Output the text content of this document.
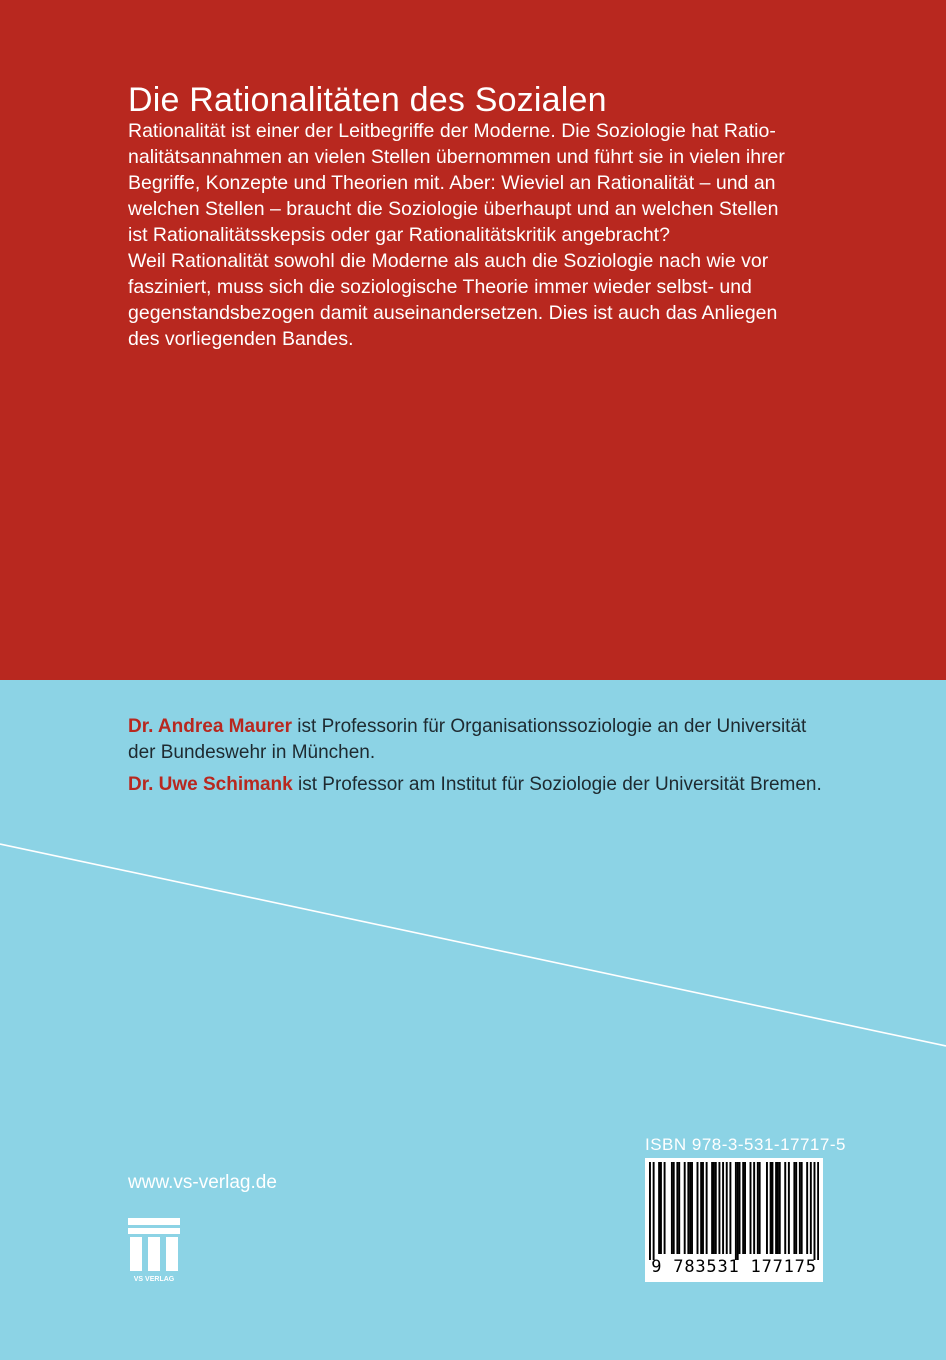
Die Rationalitäten des Sozialen

Rationalität ist einer der Leitbegriffe der Moderne. Die Soziologie hat Ratio-

nalitätsannahmen an vielen Stellen übernommen und führt sie in vielen ihrer

Begriffe, Konzepte und Theorien mit. Aber: Wieviel an Rationalität – und an

welchen Stellen – braucht die Soziologie überhaupt und an welchen Stellen

ist Rationalitätsskepsis oder gar Rationalitätskritik angebracht?

Weil Rationalität sowohl die Moderne als auch die Soziologie nach wie vor

fasziniert, muss sich die soziologische Theorie immer wieder selbst- und

gegenstandsbezogen damit auseinandersetzen. Dies ist auch das Anliegen

des vorliegenden Bandes.

Dr. Andrea Maurer ist Professorin für Organisationssoziologie an der Universität
der Bundeswehr in München.
Dr. Uwe Schimank ist Professor am Institut für Soziologie der Universität Bremen.
www.vs-verlag.de
VS VERLAG
ISBN 978-3-531-17717-5
9 783531 177175
